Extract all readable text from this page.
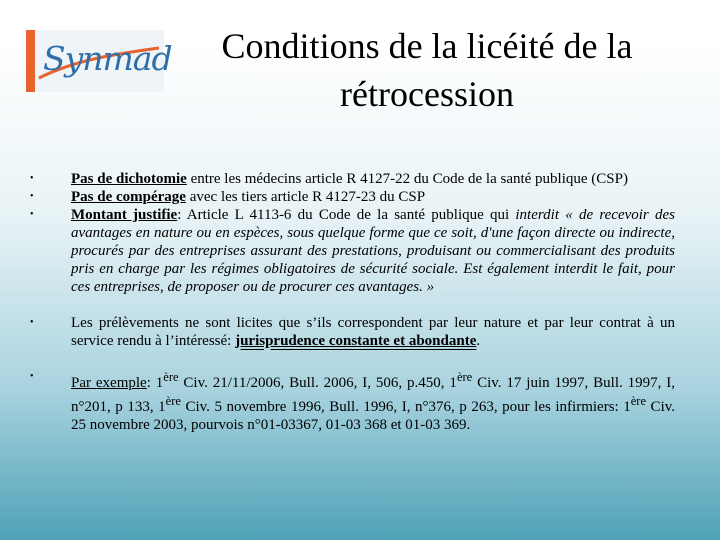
Synmad	Conditions de la licéité de la rétrocession
•	Pas de dichotomie entre les médecins article R 4127-22 du Code de la santé publique (CSP)
•	Pas de compérage avec les tiers article R 4127-23 du CSP
•	Montant justifie: Article L 4113-6 du Code de la santé publique qui interdit « de recevoir des avantages en nature ou en espèces, sous quelque forme que ce soit, d'une façon directe ou indirecte, procurés par des entreprises assurant des prestations, produisant ou commercialisant des produits pris en charge par les régimes obligatoires de sécurité sociale. Est également interdit le fait, pour ces entreprises, de proposer ou de procurer ces avantages. »
•	Les prélèvements ne sont licites que s’ils correspondent par leur nature et par leur contrat à un service rendu à l’intéressé: jurisprudence constante et abondante.
•	Par exemple: 1ère Civ. 21/11/2006, Bull. 2006, I, 506, p.450, 1ère Civ. 17 juin 1997, Bull. 1997, I, n°201, p 133, 1ère Civ. 5 novembre 1996, Bull. 1996, I, n°376, p 263, pour les infirmiers: 1ère Civ. 25 novembre 2003, pourvois n°01-03367, 01-03 368 et 01-03 369.
